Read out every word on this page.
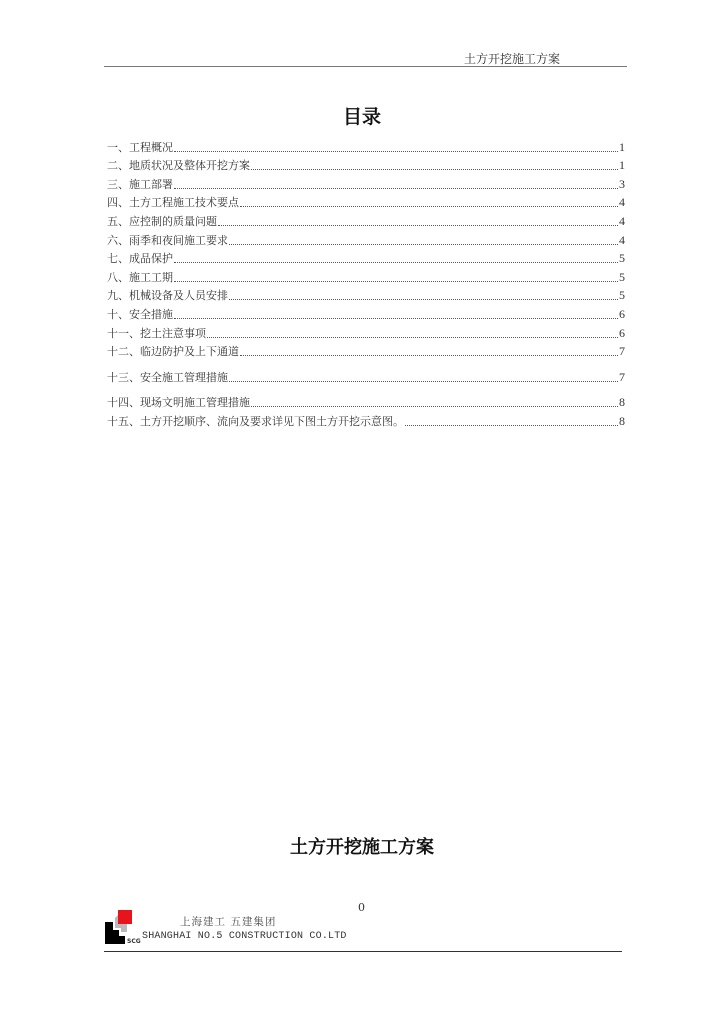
土方开挖施工方案
目录
一、工程概况	1
二、地质状况及整体开挖方案	1
三、施工部署	3
四、土方工程施工技术要点	4
五、应控制的质量问题	4
六、雨季和夜间施工要求	4
七、成品保护	5
八、施工工期	5
九、机械设备及人员安排	5
十、安全措施	6
十一、挖土注意事项	6
十二、临边防护及上下通道	7
十三、安全施工管理措施	7
十四、现场文明施工管理措施	8
十五、土方开挖顺序、流向及要求详见下图土方开挖示意图。	8
土方开挖施工方案
0
SCG
上海建工 五建集团
SHANGHAI NO.5 CONSTRUCTION CO.LTD
